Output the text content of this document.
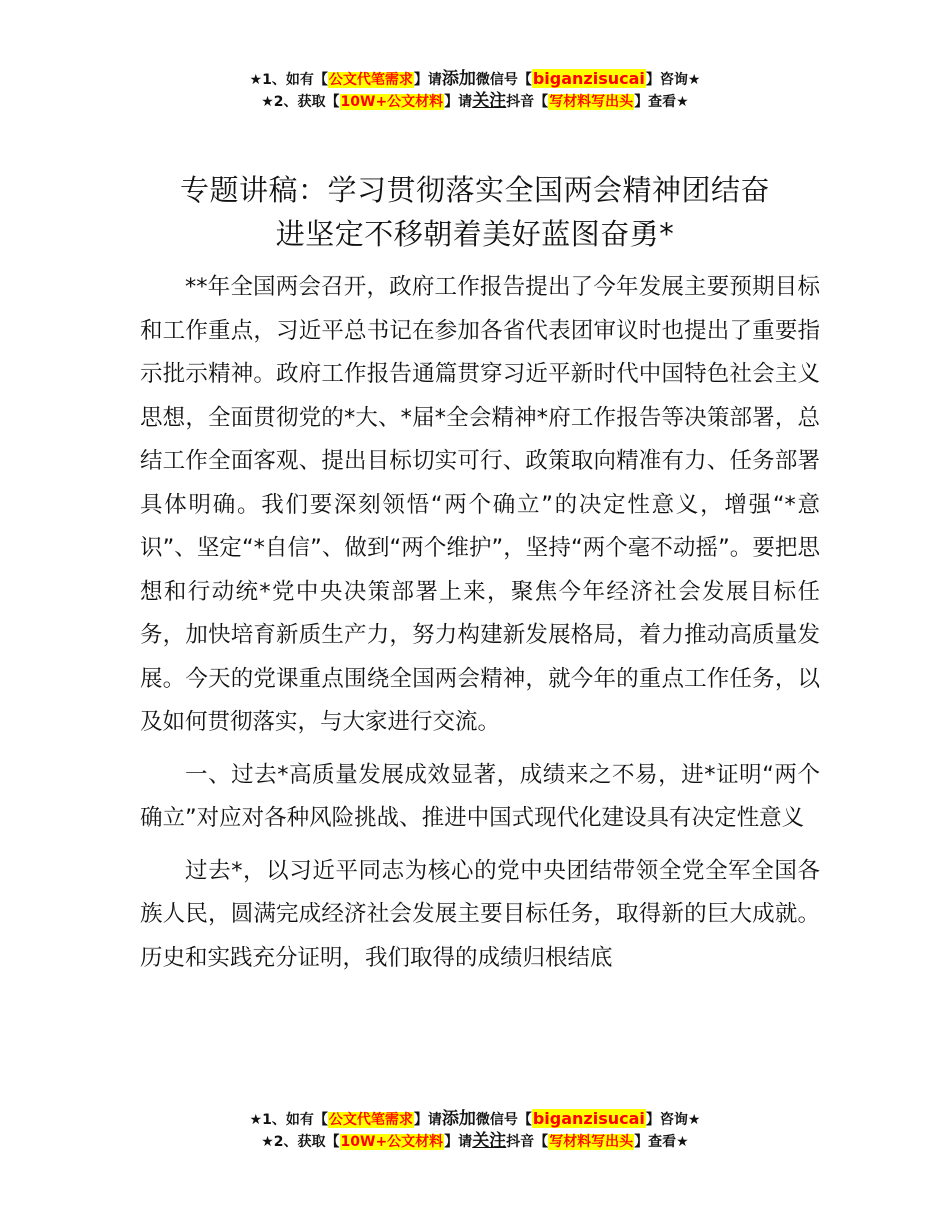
★1、如有【公文代笔需求】请添加微信号【biganzisucai】咨询★
★2、获取【10W+公文材料】请关注抖音【写材料写出头】查看★
专题讲稿：学习贯彻落实全国两会精神团结奋
进坚定不移朝着美好蓝图奋勇*

**年全国两会召开，政府工作报告提出了今年发展主要预期目标和工作重点，习近平总书记在参加各省代表团审议时也提出了重要指示批示精神。政府工作报告通篇贯穿习近平新时代中国特色社会主义思想，全面贯彻党的*大、*届*全会精神*府工作报告等决策部署，总结工作全面客观、提出目标切实可行、政策取向精准有力、任务部署具体明确。我们要深刻领悟“两个确立”的决定性意义，增强“*意识”、坚定“*自信”、做到“两个维护”，坚持“两个毫不动摇”。要把思想和行动统*党中央决策部署上来，聚焦今年经济社会发展目标任务，加快培育新质生产力，努力构建新发展格局，着力推动高质量发展。今天的党课重点围绕全国两会精神，就今年的重点工作任务，以及如何贯彻落实，与大家进行交流。

一、过去*高质量发展成效显著，成绩来之不易，进*证明“两个确立”对应对各种风险挑战、推进中国式现代化建设具有决定性意义

过去*，以习近平同志为核心的党中央团结带领全党全军全国各族人民，圆满完成经济社会发展主要目标任务，取得新的巨大成就。历史和实践充分证明，我们取得的成绩归根结底

★1、如有【公文代笔需求】请添加微信号【biganzisucai】咨询★
★2、获取【10W+公文材料】请关注抖音【写材料写出头】查看★
